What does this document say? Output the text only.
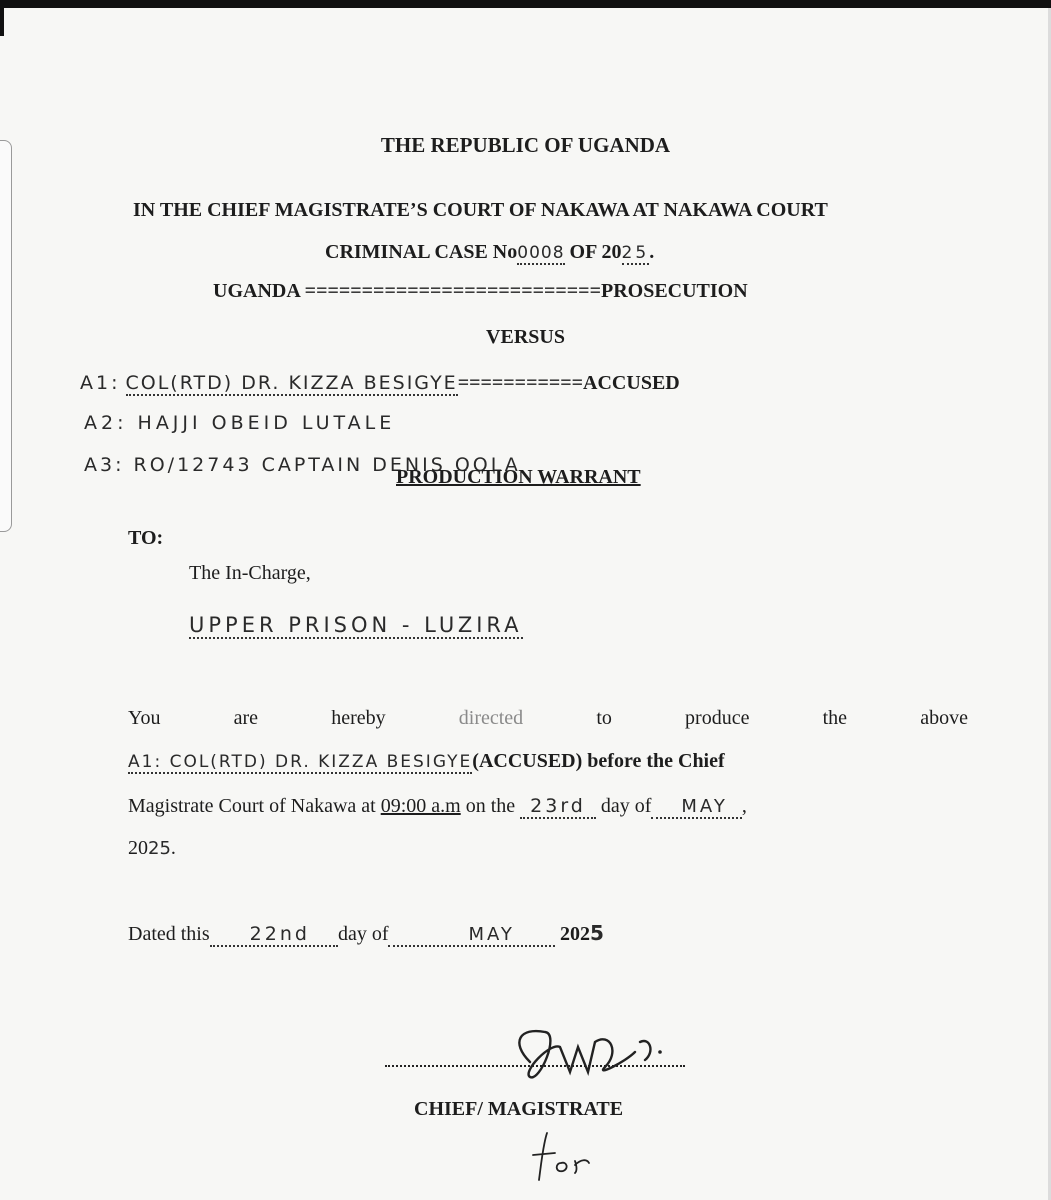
THE REPUBLIC OF UGANDA
IN THE CHIEF MAGISTRATE’S COURT OF NAKAWA AT NAKAWA COURT
CRIMINAL CASE No0008 OF 2025.
UGANDA ==========================PROSECUTION
VERSUS
A1: COL(RTD) DR. KIZZA BESIGYE===========ACCUSED
A2: HAJJI OBEID LUTALE
A3: RO/12743 CAPTAIN DENIS OOLA
PRODUCTION WARRANT
TO:
The In-Charge,
UPPER PRISON - LUZIRA
You	are	hereby	directed	to	produce	the	above
A1: COL(RTD) DR. KIZZA BESIGYE(ACCUSED) before the Chief
Magistrate Court of Nakawa at 09:00 a.m on the 23rd day of MAY ,
2025.
Dated this 22nd day of	MAY 2025
CHIEF/ MAGISTRATE
